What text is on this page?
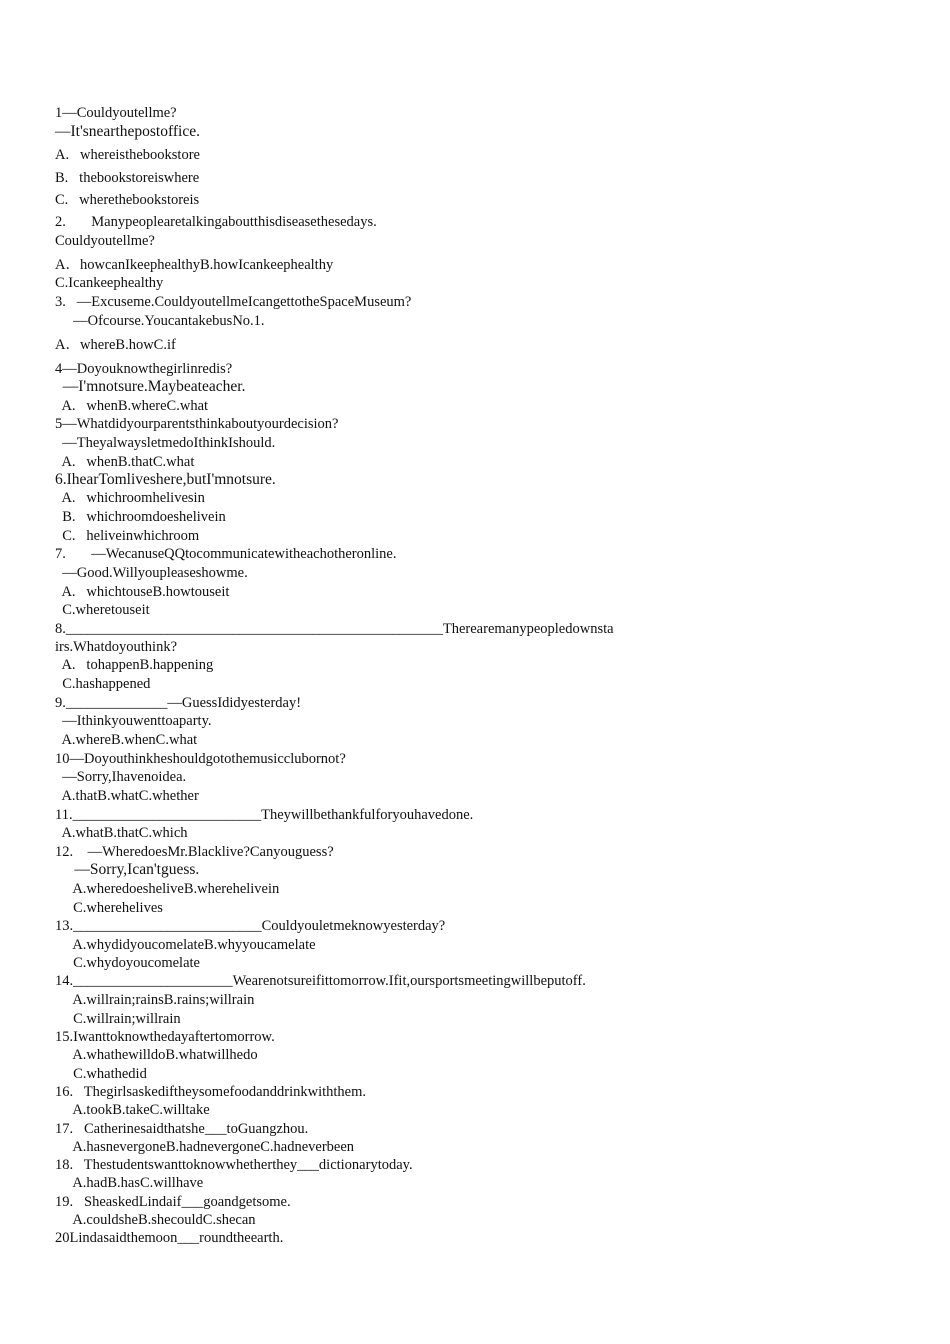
1—Couldyoutellme?
—It'snearthepostoffice.
A.   whereisthebookstore
B.   thebookstoreiswhere
C.   wherethebookstoreis
2.       Manypeoplearetalkingaboutthisdiseasethesedays.
Couldyoutellme?
A．howcanIkeephealthyB.howIcankeephealthy
C.Icankeephealthy
3.   —Excuseme.CouldyoutellmeIcangettotheSpaceMuseum?
—Ofcourse.YoucantakebusNo.1.
A．whereB.howC.if
4—Doyouknowthegirlinredis?
—I'mnotsure.Maybeateacher.
A.   whenB.whereC.what
5—Whatdidyourparentsthinkaboutyourdecision?
—TheyalwaysletmedoIthinkIshould.
A.   whenB.thatC.what
6.IhearTomliveshere,butI'mnotsure.
A.   whichroomhelivesin
B.   whichroomdoeshelivein
C.   heliveinwhichroom
7.       —WecanuseQQtocommunicatewitheachotheronline.
—Good.Willyoupleaseshowme.
A.   whichtouseB.howtouseit
C.wheretouseit
8.____________________________________________________Therearemanypeopledownsta
irs.Whatdoyouthink?
A.   tohappenB.happening
C.hashappened
9.______________—GuessIdidyesterday!
—Ithinkyouwenttoaparty.
A.whereB.whenC.what
10—Doyouthinkheshouldgotothemusicclubornot?
—Sorry,Ihavenoidea.
A.thatB.whatC.whether
11.__________________________Theywillbethankfulforyouhavedone.
A.whatB.thatC.which
12.    —WheredoesMr.Blacklive?Canyouguess?
—Sorry,Ican'tguess.
A.wheredoesheliveB.wherehelivein
C.wherehelives
13.__________________________Couldyouletmeknowyesterday?
A.whydidyoucomelateB.whyyoucamelate
C.whydoyoucomelate
14.______________________Wearenotsureifittomorrow.Ifit,oursportsmeetingwillbeputoff.
A.willrain;rainsB.rains;willrain
C.willrain;willrain
15.Iwanttoknowthedayaftertomorrow.
A.whathewilldoB.whatwillhedo
C.whathedid
16.   Thegirlsaskediftheysomefoodanddrinkwiththem.
A.tookB.takeC.willtake
17.   Catherinesaidthatshe___toGuangzhou.
A.hasnevergoneB.hadnevergoneC.hadneverbeen
18.   Thestudentswanttoknowwhetherthey___dictionarytoday.
A.hadB.hasC.willhave
19.   SheaskedLindaif___goandgetsome.
A.couldsheB.shecouldC.shecan
20Lindasaidthemoon___roundtheearth.
